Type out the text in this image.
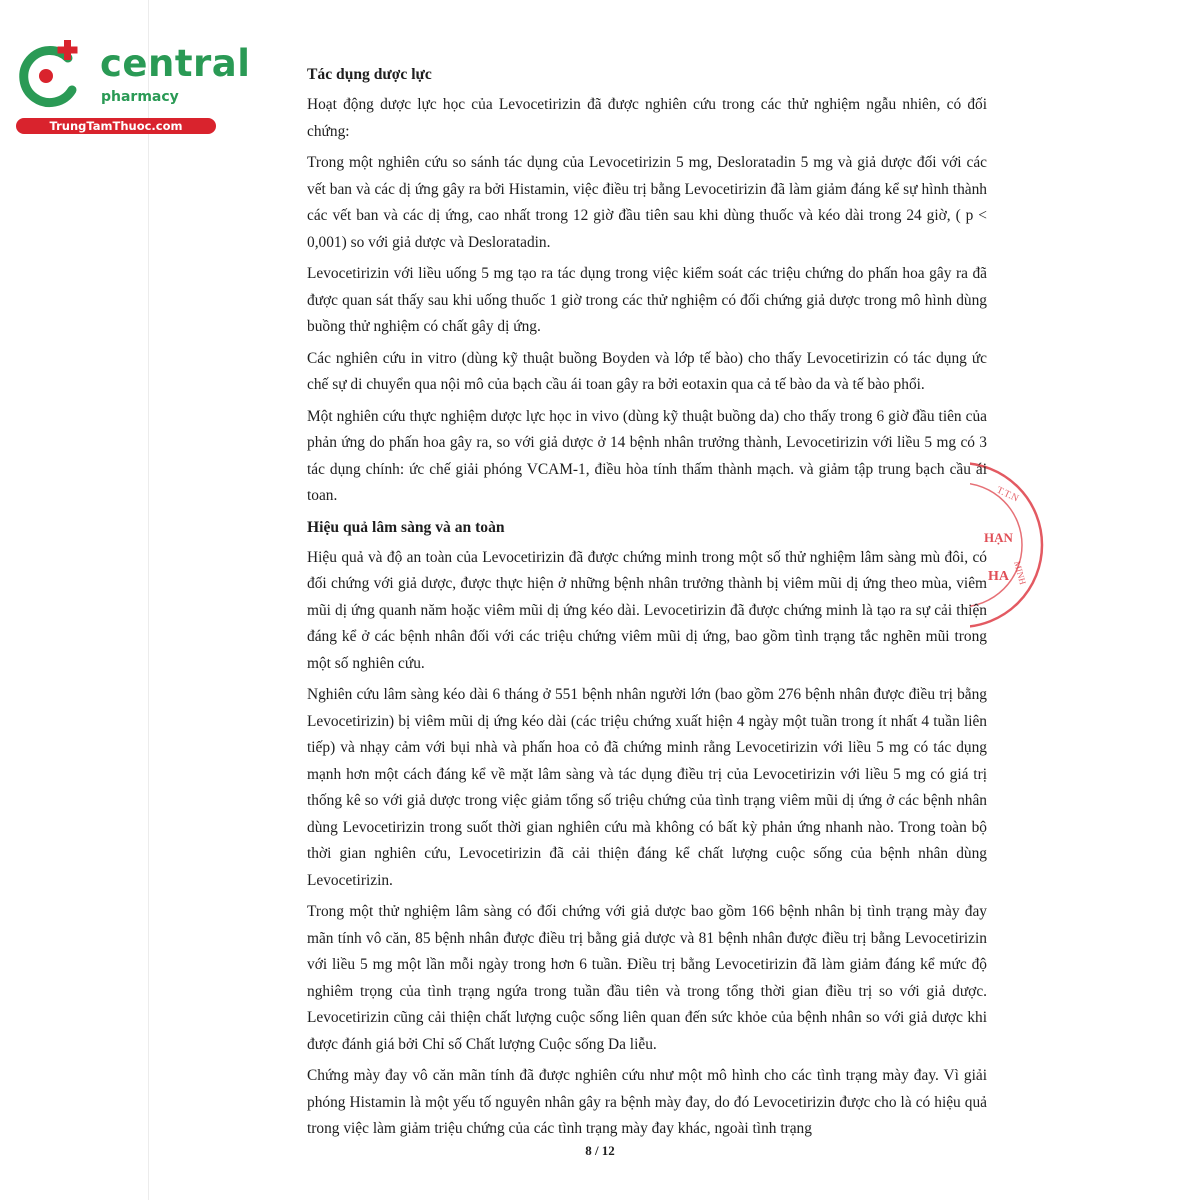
central
pharmacy
TrungTamThuoc.com
HẠN
HA MINH
T.T.N
Tác dụng dược lực

Hoạt động dược lực học của Levocetirizin đã được nghiên cứu trong các thử nghiệm ngẫu nhiên, có đối chứng:

Trong một nghiên cứu so sánh tác dụng của Levocetirizin 5 mg, Desloratadin 5 mg và giả dược đối với các vết ban và các dị ứng gây ra bởi Histamin, việc điều trị bằng Levocetirizin đã làm giảm đáng kể sự hình thành các vết ban và các dị ứng, cao nhất trong 12 giờ đầu tiên sau khi dùng thuốc và kéo dài trong 24 giờ, ( p < 0,001) so với giả dược và Desloratadin.

Levocetirizin với liều uống 5 mg tạo ra tác dụng trong việc kiểm soát các triệu chứng do phấn hoa gây ra đã được quan sát thấy sau khi uống thuốc 1 giờ trong các thử nghiệm có đối chứng giả dược trong mô hình dùng buồng thử nghiệm có chất gây dị ứng.

Các nghiên cứu in vitro (dùng kỹ thuật buồng Boyden và lớp tế bào) cho thấy Levocetirizin có tác dụng ức chế sự di chuyển qua nội mô của bạch cầu ái toan gây ra bởi eotaxin qua cả tế bào da và tế bào phổi.

Một nghiên cứu thực nghiệm dược lực học in vivo (dùng kỹ thuật buồng da) cho thấy trong 6 giờ đầu tiên của phản ứng do phấn hoa gây ra, so với giả dược ở 14 bệnh nhân trưởng thành, Levocetirizin với liều 5 mg có 3 tác dụng chính: ức chế giải phóng VCAM-1, điều hòa tính thấm thành mạch. và giảm tập trung bạch cầu ái toan.

Hiệu quả lâm sàng và an toàn

Hiệu quả và độ an toàn của Levocetirizin đã được chứng minh trong một số thử nghiệm lâm sàng mù đôi, có đối chứng với giả dược, được thực hiện ở những bệnh nhân trưởng thành bị viêm mũi dị ứng theo mùa, viêm mũi dị ứng quanh năm hoặc viêm mũi dị ứng kéo dài. Levocetirizin đã được chứng minh là tạo ra sự cải thiện đáng kể ở các bệnh nhân đối với các triệu chứng viêm mũi dị ứng, bao gồm tình trạng tắc nghẽn mũi trong một số nghiên cứu.

Nghiên cứu lâm sàng kéo dài 6 tháng ở 551 bệnh nhân người lớn (bao gồm 276 bệnh nhân được điều trị bằng Levocetirizin) bị viêm mũi dị ứng kéo dài (các triệu chứng xuất hiện 4 ngày một tuần trong ít nhất 4 tuần liên tiếp) và nhạy cảm với bụi nhà và phấn hoa cỏ đã chứng minh rằng Levocetirizin với liều 5 mg có tác dụng mạnh hơn một cách đáng kể về mặt lâm sàng và tác dụng điều trị của Levocetirizin với liều 5 mg có giá trị thống kê so với giả dược trong việc giảm tổng số triệu chứng của tình trạng viêm mũi dị ứng ở các bệnh nhân dùng Levocetirizin trong suốt thời gian nghiên cứu mà không có bất kỳ phản ứng nhanh nào. Trong toàn bộ thời gian nghiên cứu, Levocetirizin đã cải thiện đáng kể chất lượng cuộc sống của bệnh nhân dùng Levocetirizin.

Trong một thử nghiệm lâm sàng có đối chứng với giả dược bao gồm 166 bệnh nhân bị tình trạng mày đay mãn tính vô căn, 85 bệnh nhân được điều trị bằng giả dược và 81 bệnh nhân được điều trị bằng Levocetirizin với liều 5 mg một lần mỗi ngày trong hơn 6 tuần. Điều trị bằng Levocetirizin đã làm giảm đáng kể mức độ nghiêm trọng của tình trạng ngứa trong tuần đầu tiên và trong tổng thời gian điều trị so với giả dược. Levocetirizin cũng cải thiện chất lượng cuộc sống liên quan đến sức khỏe của bệnh nhân so với giả dược khi được đánh giá bởi Chỉ số Chất lượng Cuộc sống Da liễu.

Chứng mày đay vô căn mãn tính đã được nghiên cứu như một mô hình cho các tình trạng mày đay. Vì giải phóng Histamin là một yếu tố nguyên nhân gây ra bệnh mày đay, do đó Levocetirizin được cho là có hiệu quả trong việc làm giảm triệu chứng của các tình trạng mày đay khác, ngoài tình trạng

8 / 12
